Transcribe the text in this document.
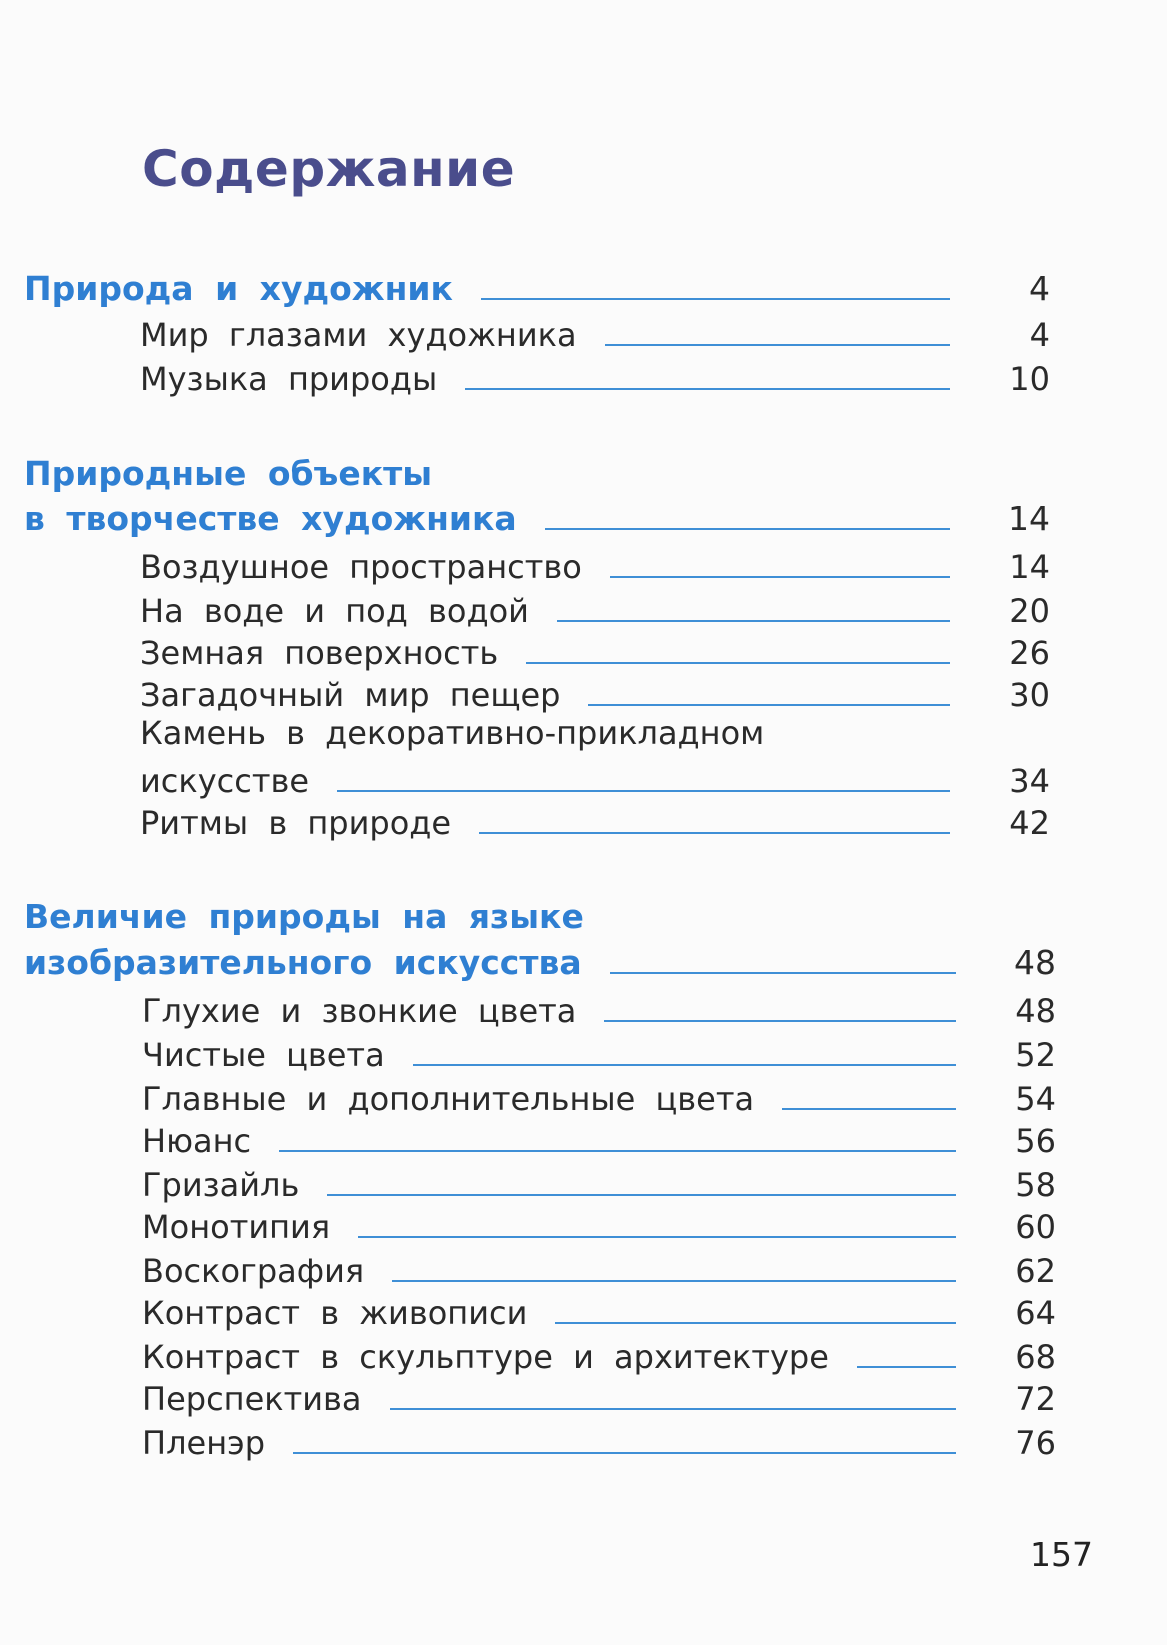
Содержание
Природа и художник	4
Мир глазами художника	4
Музыка природы	10
Природные объекты
в творчестве художника	14
Воздушное пространство	14
На воде и под водой	20
Земная поверхность	26
Загадочный мир пещер	30
Камень в декоративно-прикладном
искусстве	34
Ритмы в природе	42
Величие природы на языке
изобразительного искусства	48
Глухие и звонкие цвета	48
Чистые цвета	52
Главные и дополнительные цвета	54
Нюанс	56
Гризайль	58
Монотипия	60
Воскография	62
Контраст в живописи	64
Контраст в скульптуре и архитектуре	68
Перспектива	72
Пленэр	76
157
